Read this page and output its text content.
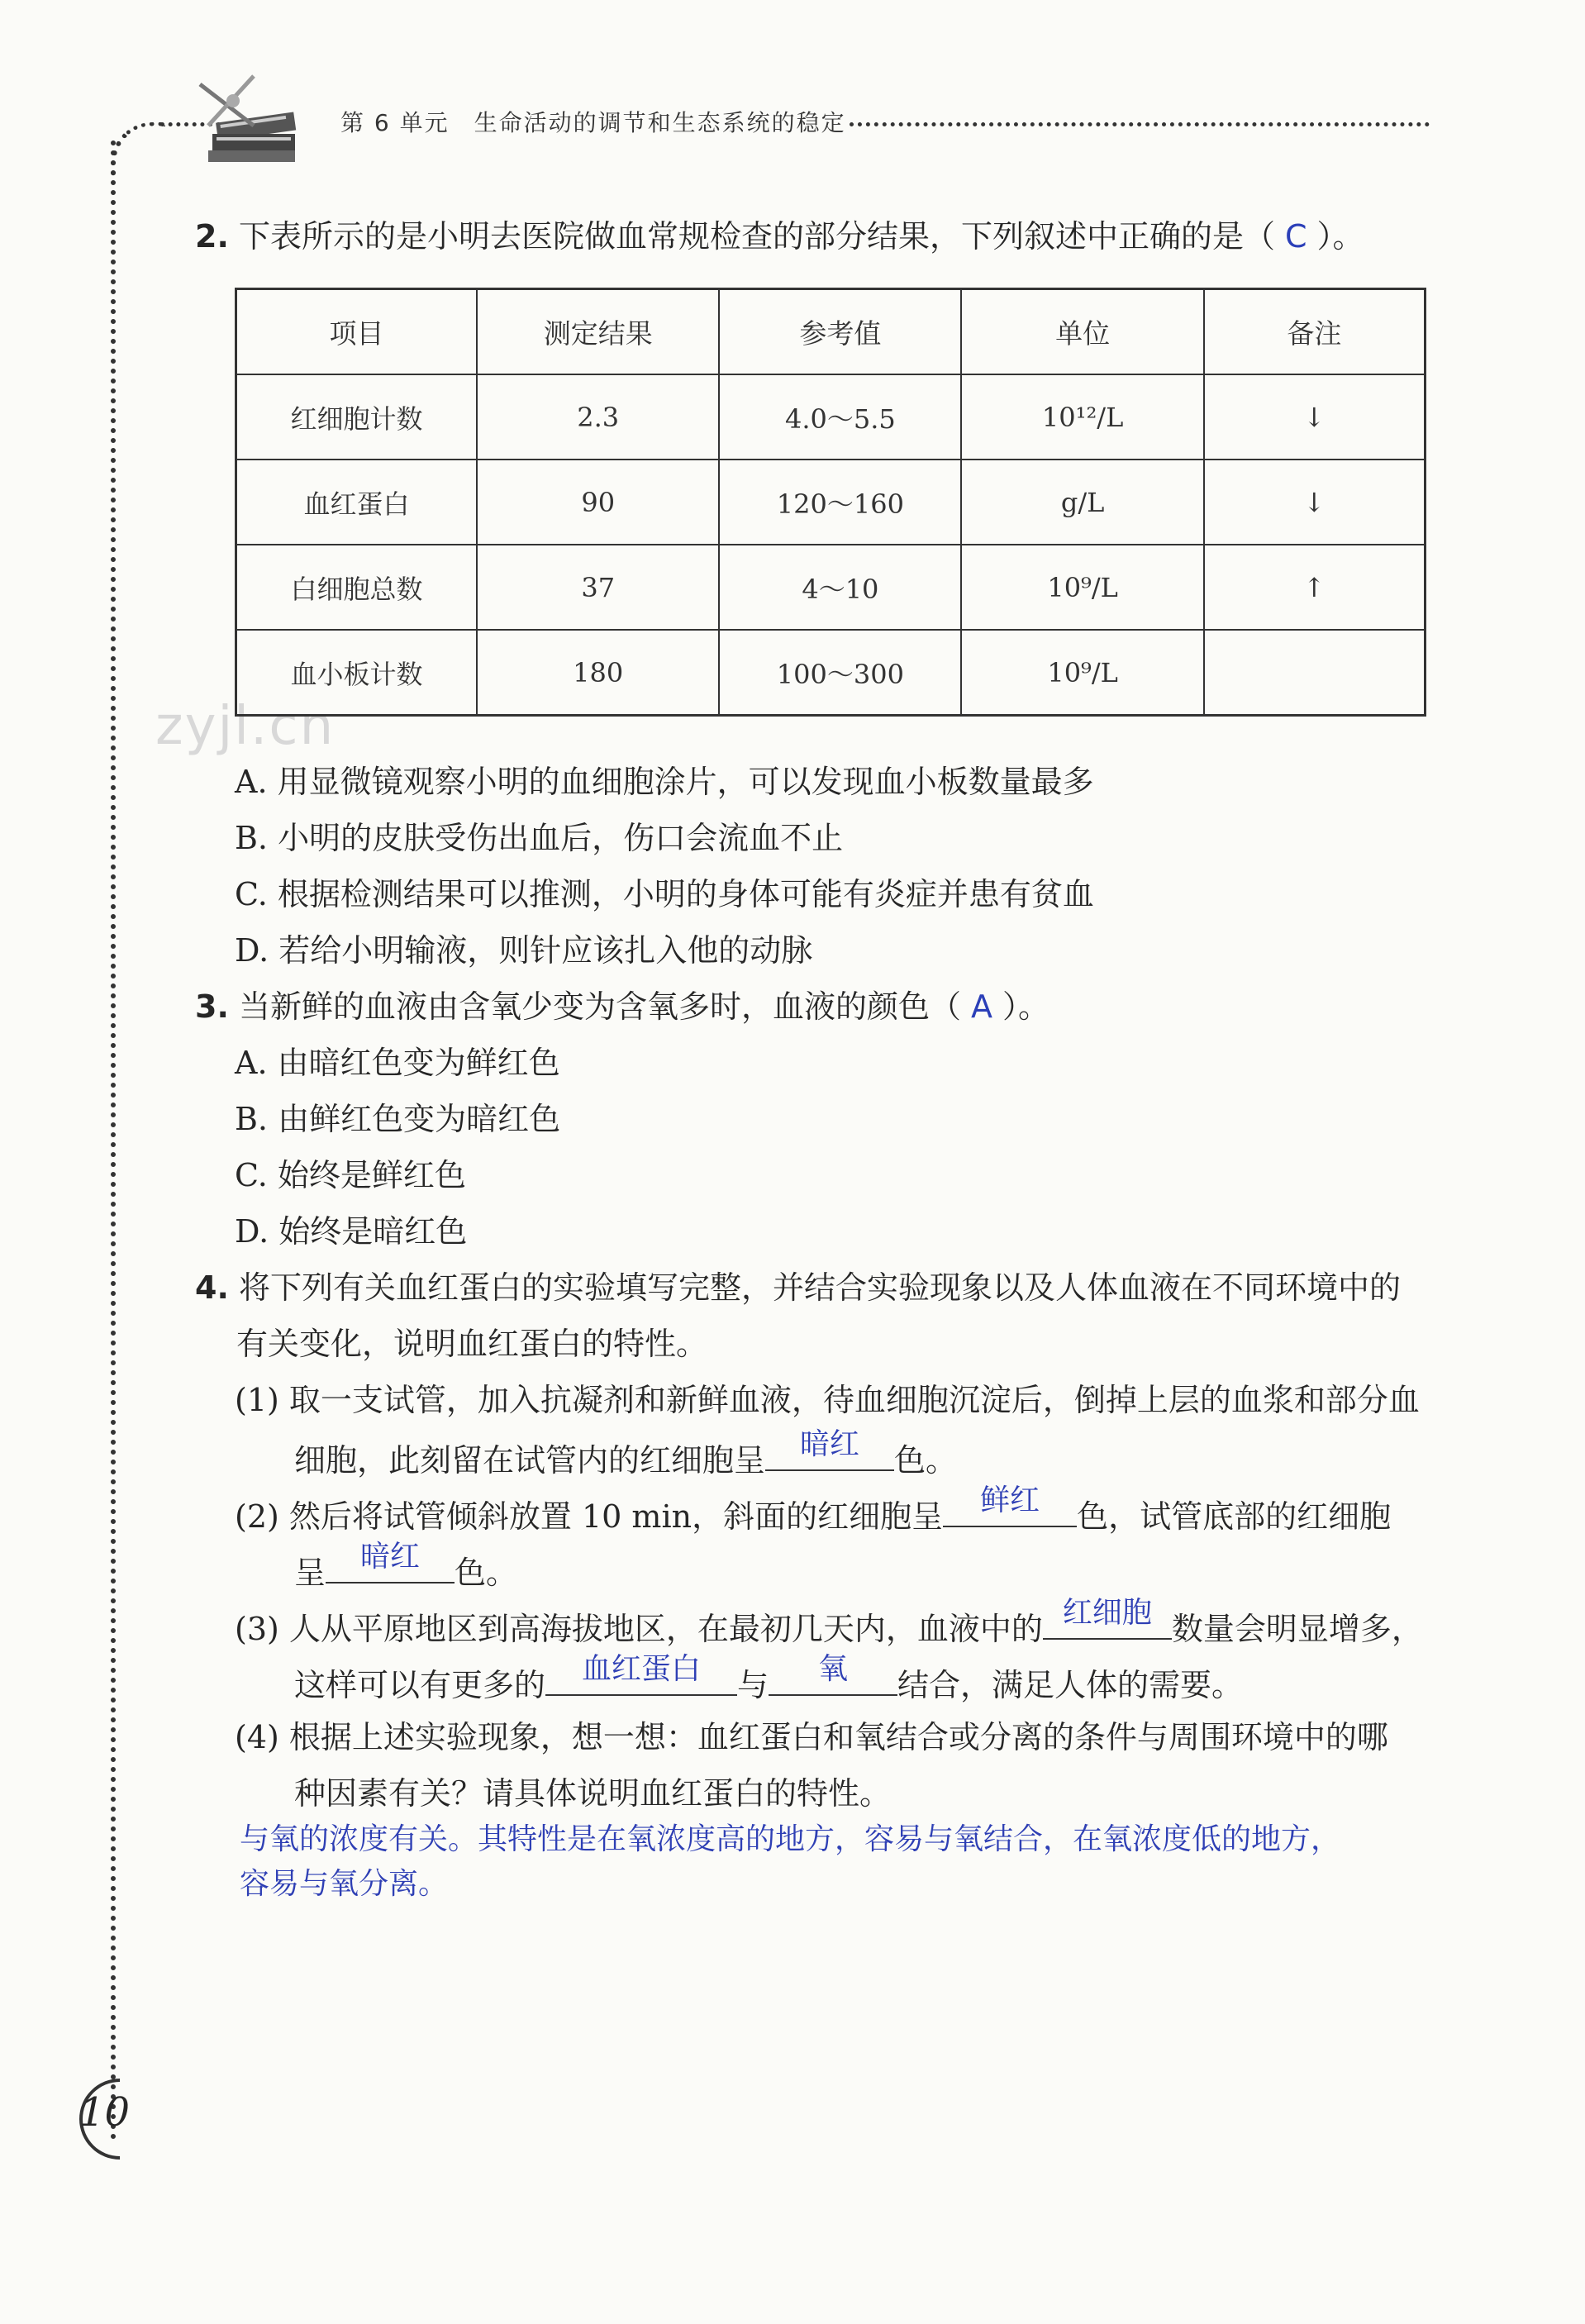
第 6 单元　生命活动的调节和生态系统的稳定
zyjl.cn
2. 下表所示的是小明去医院做血常规检查的部分结果，下列叙述中正确的是（ C ）。
项目	测定结果	参考值	单位	备注
红细胞计数	2.3	4.0～5.5	10¹²/L	↓
血红蛋白	90	120～160	g/L	↓
白细胞总数	37	4～10	10⁹/L	↑
血小板计数	180	100～300	10⁹/L	
A. 用显微镜观察小明的血细胞涂片，可以发现血小板数量最多
B. 小明的皮肤受伤出血后，伤口会流血不止
C. 根据检测结果可以推测，小明的身体可能有炎症并患有贫血
D. 若给小明输液，则针应该扎入他的动脉
3. 当新鲜的血液由含氧少变为含氧多时，血液的颜色（ A ）。
A. 由暗红色变为鲜红色
B. 由鲜红色变为暗红色
C. 始终是鲜红色
D. 始终是暗红色
4. 将下列有关血红蛋白的实验填写完整，并结合实验现象以及人体血液在不同环境中的
有关变化，说明血红蛋白的特性。
(1) 取一支试管，加入抗凝剂和新鲜血液，待血细胞沉淀后，倒掉上层的血浆和部分血
细胞，此刻留在试管内的红细胞呈 暗红 色。
(2) 然后将试管倾斜放置 10 min，斜面的红细胞呈 鲜红 色，试管底部的红细胞
呈 暗红 色。
(3) 人从平原地区到高海拔地区，在最初几天内，血液中的 红细胞 数量会明显增多，
这样可以有更多的 血红蛋白 与 氧 结合，满足人体的需要。
(4) 根据上述实验现象，想一想：血红蛋白和氧结合或分离的条件与周围环境中的哪
种因素有关？请具体说明血红蛋白的特性。
与氧的浓度有关。其特性是在氧浓度高的地方，容易与氧结合，在氧浓度低的地方，
容易与氧分离。
10
